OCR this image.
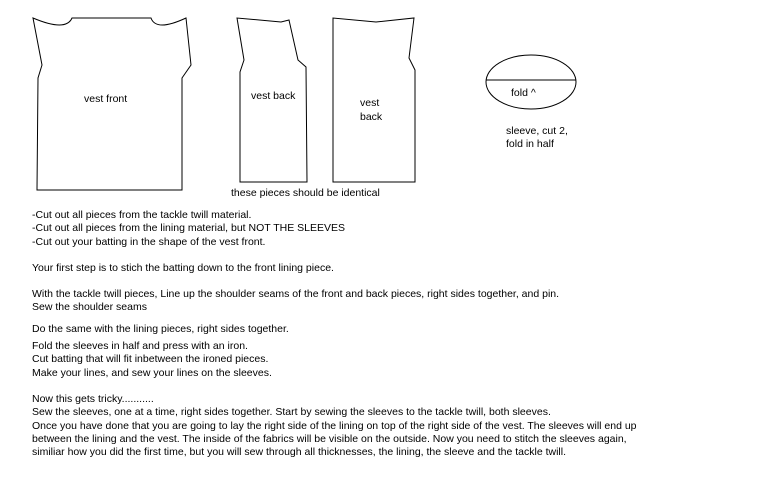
vest front	vest back
vest
back
these pieces should be identical
fold ^
sleeve, cut 2,
fold in half
-Cut out all pieces from the tackle twill material.
-Cut out all pieces from the lining material, but NOT THE SLEEVES
-Cut out your batting in the shape of the vest front.
Your first step is to stich the batting down to the front lining piece.
With the tackle twill pieces, Line up the shoulder seams of the front and back pieces, right sides together, and pin.
Sew the shoulder seams
Do the same with the lining pieces, right sides together.
Fold the sleeves in half and press with an iron.
Cut batting that will fit inbetween the ironed pieces.
Make your lines, and sew your lines on the sleeves.
Now this gets tricky...........
Sew the sleeves, one at a time, right sides together. Start by sewing the sleeves to the tackle twill, both sleeves.
Once you have done that you are going to lay the right side of the lining on top of the right side of the vest. The sleeves will end up
between the lining and the vest. The inside of the fabrics will be visible on the outside. Now you need to stitch the sleeves again,
similiar how you did the first time, but you will sew through all thicknesses, the lining, the sleeve and the tackle twill.
